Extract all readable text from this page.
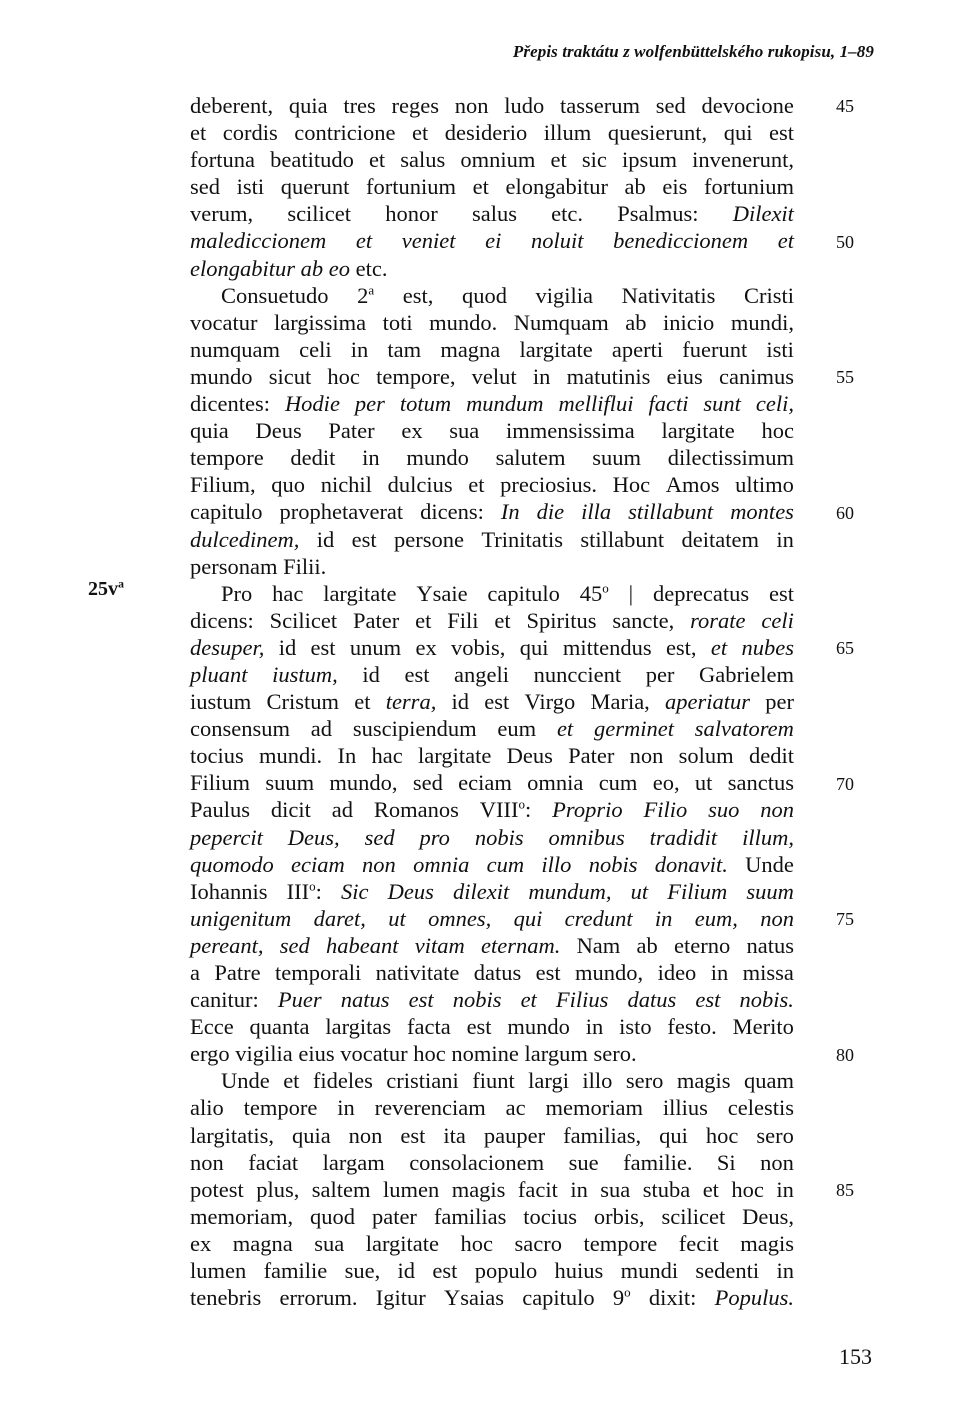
Přepis traktátu z wolfenbüttelského rukopisu, 1–89
$25v^a$
45
50
55
60
65
70
75
80
85
deberent, quia tres reges non ludo tasserum sed devocione
et cordis contricione et desiderio illum quesierunt, qui est
fortuna beatitudo et salus omnium et sic ipsum invenerunt,
sed isti querunt fortunium et elongabitur ab eis fortunium
verum, scilicet honor salus etc. Psalmus: Dilexit
malediccionem et veniet ei noluit benediccionem et
elongabitur ab eo etc.
Consuetudo 2$^a$ est, quod vigilia Nativitatis Cristi
vocatur largissima toti mundo. Numquam ab inicio mundi,
numquam celi in tam magna largitate aperti fuerunt isti
mundo sicut hoc tempore, velut in matutinis eius canimus
dicentes: Hodie per totum mundum melliflui facti sunt celi,
quia Deus Pater ex sua immensissima largitate hoc
tempore dedit in mundo salutem suum dilectissimum
Filium, quo nichil dulcius et preciosius. Hoc Amos ultimo
capitulo prophetaverat dicens: In die illa stillabunt montes
dulcedinem, id est persone Trinitatis stillabunt deitatem in
personam Filii.
Pro hac largitate Ysaie capitulo 45$^o$ | deprecatus est
dicens: Scilicet Pater et Fili et Spiritus sancte, rorate celi
desuper, id est unum ex vobis, qui mittendus est, et nubes
pluant iustum, id est angeli nunccient per Gabrielem
iustum Cristum et terra, id est Virgo Maria, aperiatur per
consensum ad suscipiendum eum et germinet salvatorem
tocius mundi. In hac largitate Deus Pater non solum dedit
Filium suum mundo, sed eciam omnia cum eo, ut sanctus
Paulus dicit ad Romanos VIII$^o$: Proprio Filio suo non
pepercit Deus, sed pro nobis omnibus tradidit illum,
quomodo eciam non omnia cum illo nobis donavit. Unde
Iohannis III$^o$: Sic Deus dilexit mundum, ut Filium suum
unigenitum daret, ut omnes, qui credunt in eum, non
pereant, sed habeant vitam eternam. Nam ab eterno natus
a Patre temporali nativitate datus est mundo, ideo in missa
canitur: Puer natus est nobis et Filius datus est nobis.
Ecce quanta largitas facta est mundo in isto festo. Merito
ergo vigilia eius vocatur hoc nomine largum sero.
Unde et fideles cristiani fiunt largi illo sero magis quam
alio tempore in reverenciam ac memoriam illius celestis
largitatis, quia non est ita pauper familias, qui hoc sero
non faciat largam consolacionem sue familie. Si non
potest plus, saltem lumen magis facit in sua stuba et hoc in
memoriam, quod pater familias tocius orbis, scilicet Deus,
ex magna sua largitate hoc sacro tempore fecit magis
lumen familie sue, id est populo huius mundi sedenti in
tenebris errorum. Igitur Ysaias capitulo 9$^o$ dixit: Populus.
153
